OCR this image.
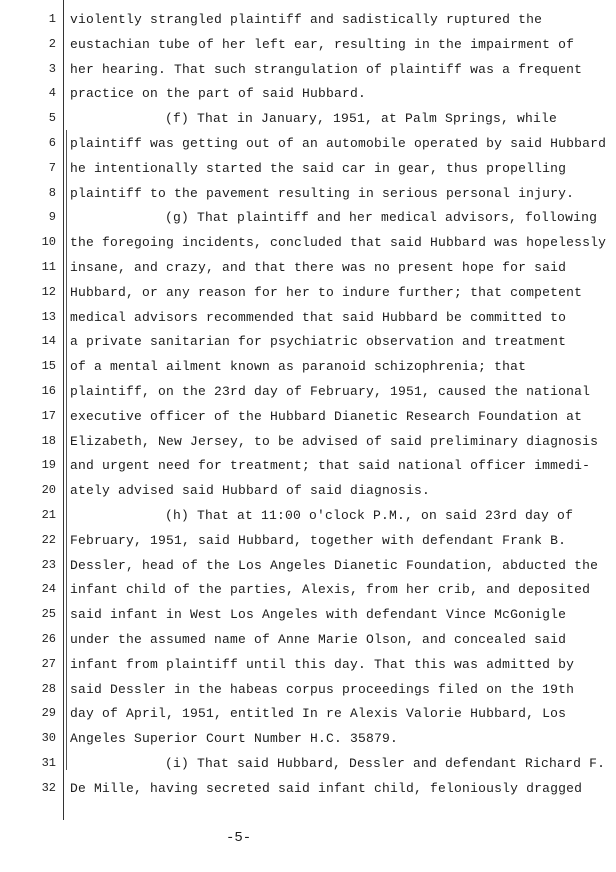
1 violently strangled plaintiff and sadistically ruptured the
2 eustachian tube of her left ear, resulting in the impairment of
3 her hearing. That such strangulation of plaintiff was a frequent
4 practice on the part of said Hubbard.
5	(f) That in January, 1951, at Palm Springs, while
6 plaintiff was getting out of an automobile operated by said Hubbard
7 he intentionally started the said car in gear, thus propelling
8 plaintiff to the pavement resulting in serious personal injury.
9	(g) That plaintiff and her medical advisors, following
10 the foregoing incidents, concluded that said Hubbard was hopelessly
11 insane, and crazy, and that there was no present hope for said
12 Hubbard, or any reason for her to indure further; that competent
13 medical advisors recommended that said Hubbard be committed to
14 a private sanitarian for psychiatric observation and treatment
15 of a mental ailment known as paranoid schizophrenia; that
16 plaintiff, on the 23rd day of February, 1951, caused the national
17 executive officer of the Hubbard Dianetic Research Foundation at
18 Elizabeth, New Jersey, to be advised of said preliminary diagnosis
19 and urgent need for treatment; that said national officer immedi-
20 ately advised said Hubbard of said diagnosis.
21	(h) That at 11:00 o'clock P.M., on said 23rd day of
22 February, 1951, said Hubbard, together with defendant Frank B.
23 Dessler, head of the Los Angeles Dianetic Foundation, abducted the
24 infant child of the parties, Alexis, from her crib, and deposited
25 said infant in West Los Angeles with defendant Vince McGonigle
26 under the assumed name of Anne Marie Olson, and concealed said
27 infant from plaintiff until this day. That this was admitted by
28 said Dessler in the habeas corpus proceedings filed on the 19th
29 day of April, 1951, entitled In re Alexis Valorie Hubbard, Los
30 Angeles Superior Court Number H.C. 35879.
31	(i) That said Hubbard, Dessler and defendant Richard F.
32 De Mille, having secreted said infant child, feloniously dragged
-5-
